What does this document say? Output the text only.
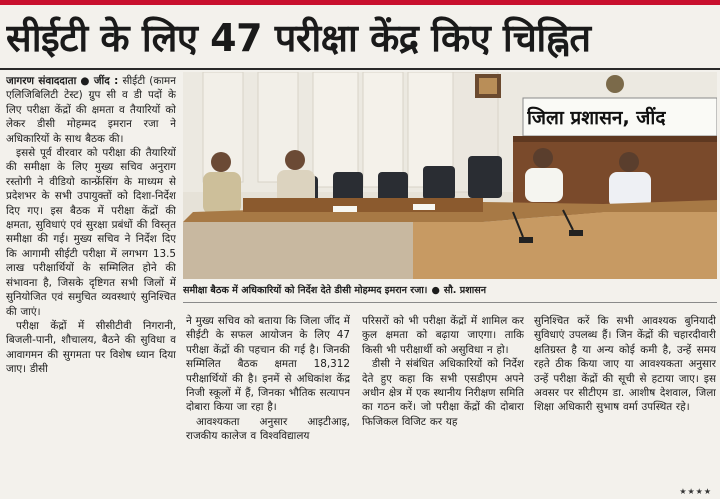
सीईटी के लिए 47 परीक्षा केंद्र किए चिह्नित

जागरण संवाददाता ● जींद : सीईटी (कामन एलिजिबिलिटी टेस्ट) ग्रुप सी व डी पदों के लिए परीक्षा केंद्रों की क्षमता व तैयारियों को लेकर डीसी मोहम्मद इमरान रजा ने अधिकारियों के साथ बैठक की।

इससे पूर्व वीरवार को परीक्षा की तैयारियों की समीक्षा के लिए मुख्य सचिव अनुराग रस्तोगी ने वीडियो कान्फ्रेंसिंग के माध्यम से प्रदेशभर के सभी उपायुक्तों को दिशा-निर्देश दिए गए। इस बैठक में परीक्षा केंद्रों की क्षमता, सुविधाएं एवं सुरक्षा प्रबंधों की विस्तृत समीक्षा की गई। मुख्य सचिव ने निर्देश दिए कि आगामी सीईटी परीक्षा में लगभग 13.5 लाख परीक्षार्थियों के सम्मिलित होने की संभावना है, जिसके दृष्टिगत सभी जिलों में सुनियोजित एवं समुचित व्यवस्थाएं सुनिश्चित की जाएं।

परीक्षा केंद्रों में सीसीटीवी निगरानी, बिजली-पानी, शौचालय, बैठने की सुविधा व आवागमन की सुगमता पर विशेष ध्यान दिया जाए। डीसी

जिला प्रशासन, जींद
समीक्षा बैठक में अधिकारियों को निर्देश देते डीसी मोहम्मद इमरान रजा। ● सौ. प्रशासन

ने मुख्य सचिव को बताया कि जिला जींद में सीईटी के सफल आयोजन के लिए 47 परीक्षा केंद्रों की पहचान की गई है। जिनकी सम्मिलित बैठक क्षमता 18,312 परीक्षार्थियों की है। इनमें से अधिकांश केंद्र निजी स्कूलों में हैं, जिनका भौतिक सत्यापन दोबारा किया जा रहा है।

आवश्यकता अनुसार आइटीआइ, राजकीय कालेज व विश्वविद्यालय

परिसरों को भी परीक्षा केंद्रों में शामिल कर कुल क्षमता को बढ़ाया जाएगा। ताकि किसी भी परीक्षार्थी को असुविधा न हो।

डीसी ने संबंधित अधिकारियों को निर्देश देते हुए कहा कि सभी एसडीएम अपने अधीन क्षेत्र में एक स्थानीय निरीक्षण समिति का गठन करें। जो परीक्षा केंद्रों की दोबारा फिजिकल विजिट कर यह

सुनिश्चित करें कि सभी आवश्यक बुनियादी सुविधाएं उपलब्ध हैं। जिन केंद्रों की चहारदीवारी क्षतिग्रस्त है या अन्य कोई कमी है, उन्हें समय रहते ठीक किया जाए या आवश्यकता अनुसार उन्हें परीक्षा केंद्रों की सूची से हटाया जाए। इस अवसर पर सीटीएम डा. आशीष देशवाल, जिला शिक्षा अधिकारी सुभाष वर्मा उपस्थित रहे।

★★★★
